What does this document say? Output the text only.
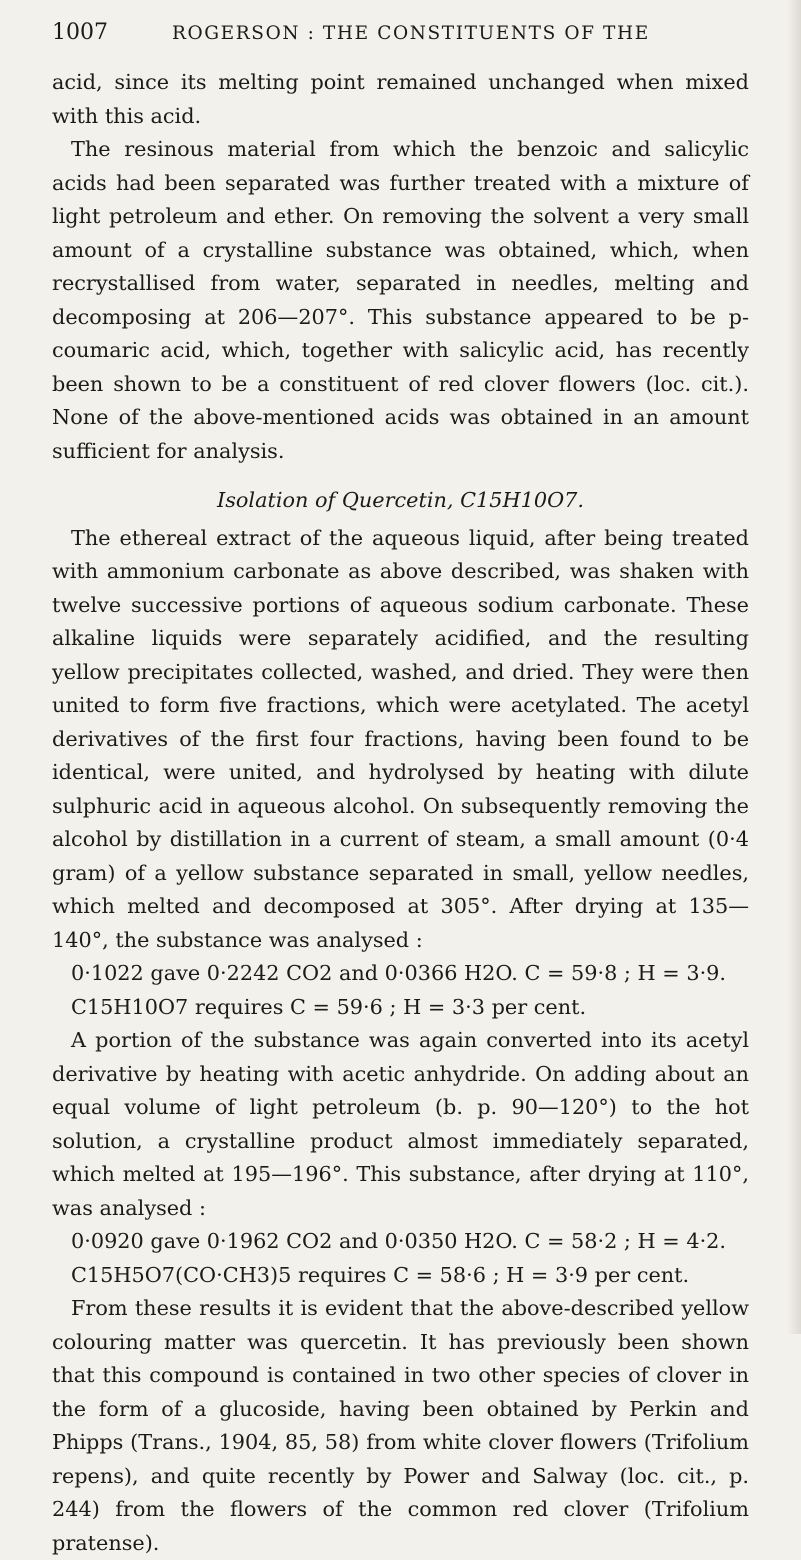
1007	ROGERSON : THE CONSTITUENTS OF THE

acid, since its melting point remained unchanged when mixed with this acid.

The resinous material from which the benzoic and salicylic acids had been separated was further treated with a mixture of light petroleum and ether. On removing the solvent a very small amount of a crystalline substance was obtained, which, when recrystallised from water, separated in needles, melting and decomposing at 206—207°. This substance appeared to be p-coumaric acid, which, together with salicylic acid, has recently been shown to be a constituent of red clover flowers (loc. cit.). None of the above-mentioned acids was obtained in an amount sufficient for analysis.

Isolation of Quercetin, C15H10O7.

The ethereal extract of the aqueous liquid, after being treated with ammonium carbonate as above described, was shaken with twelve successive portions of aqueous sodium carbonate. These alkaline liquids were separately acidified, and the resulting yellow precipitates collected, washed, and dried. They were then united to form five fractions, which were acetylated. The acetyl derivatives of the first four fractions, having been found to be identical, were united, and hydrolysed by heating with dilute sulphuric acid in aqueous alcohol. On subsequently removing the alcohol by distillation in a current of steam, a small amount (0·4 gram) of a yellow substance separated in small, yellow needles, which melted and decomposed at 305°. After drying at 135—140°, the substance was analysed :

0·1022 gave 0·2242 CO2 and 0·0366 H2O. C = 59·8 ; H = 3·9.
C15H10O7 requires C = 59·6 ; H = 3·3 per cent.

A portion of the substance was again converted into its acetyl derivative by heating with acetic anhydride. On adding about an equal volume of light petroleum (b. p. 90—120°) to the hot solution, a crystalline product almost immediately separated, which melted at 195—196°. This substance, after drying at 110°, was analysed :

0·0920 gave 0·1962 CO2 and 0·0350 H2O. C = 58·2 ; H = 4·2.
C15H5O7(CO·CH3)5 requires C = 58·6 ; H = 3·9 per cent.

From these results it is evident that the above-described yellow colouring matter was quercetin. It has previously been shown that this compound is contained in two other species of clover in the form of a glucoside, having been obtained by Perkin and Phipps (Trans., 1904, 85, 58) from white clover flowers (Trifolium repens), and quite recently by Power and Salway (loc. cit., p. 244) from the flowers of the common red clover (Trifolium pratense).
